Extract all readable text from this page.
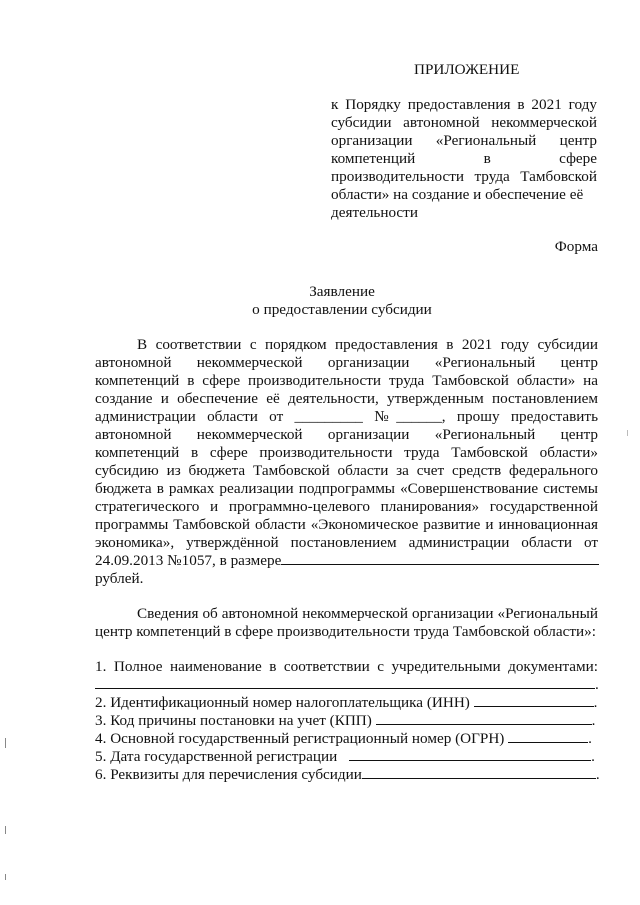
ПРИЛОЖЕНИЕ
к Порядку предоставления в 2021 году
субсидии автономной некоммерческой
организации «Региональный центр
компетенций в сфере
производительности труда Тамбовской
области» на создание и обеспечение её
деятельности
Форма
Заявление
о предоставлении субсидии
В соответствии с порядком предоставления в 2021 году субсидии
автономной некоммерческой организации «Региональный центр
компетенций в сфере производительности труда Тамбовской области» на
создание и обеспечение её деятельности, утвержденным постановлением
администрации области от _________ №______, прошу предоставить
автономной некоммерческой организации «Региональный центр
компетенций в сфере производительности труда Тамбовской области»
субсидию из бюджета Тамбовской области за счет средств федерального
бюджета в рамках реализации подпрограммы «Совершенствование системы
стратегического и программно-целевого планирования» государственной
программы Тамбовской области «Экономическое развитие и инновационная
экономика», утверждённой постановлением администрации области от
24.09.2013 №1057, в размере
рублей.
Сведения об автономной некоммерческой организации «Региональный
центр компетенций в сфере производительности труда Тамбовской области»:
1. Полное наименование в соответствии с учредительными документами:
.
2. Идентификационный номер налогоплательщика (ИНН)	.
3. Код причины постановки на учет (КПП)	.
4. Основной государственный регистрационный номер (ОГРН)	.
5. Дата государственной регистрации	.
6. Реквизиты для перечисления субсидии	.
